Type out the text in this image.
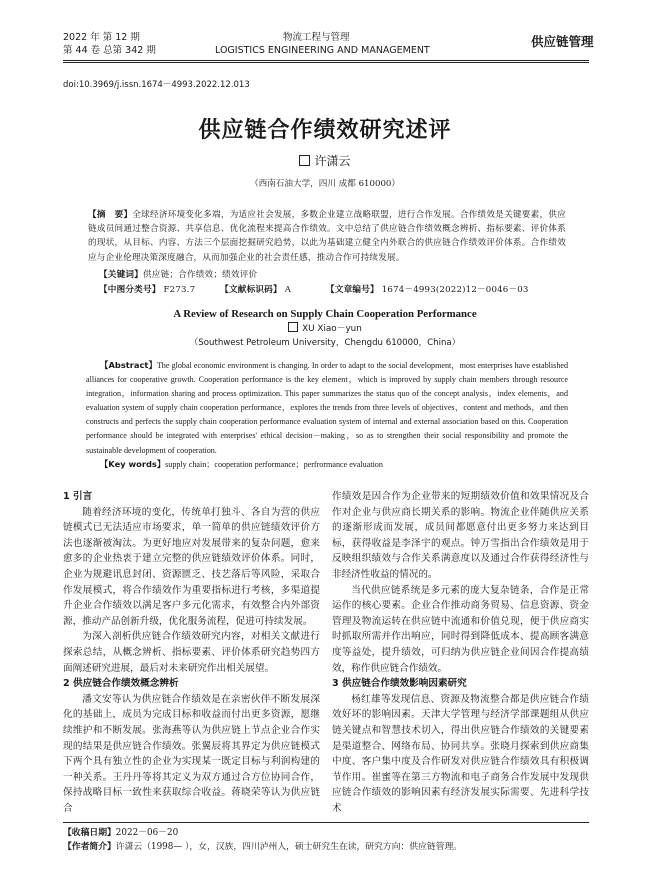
2022 年 第 12 期
第 44 卷 总第 342 期
物流工程与管理
LOGISTICS ENGINEERING AND MANAGEMENT
供应链管理
doi:10.3969/j.issn.1674－4993.2022.12.013
供应链合作绩效研究述评
许潇云
（西南石油大学，四川 成都 610000）
【摘　要】全球经济环境变化多端，为适应社会发展，多数企业建立战略联盟，进行合作发展。合作绩效是关键要素，供应链成员间通过整合资源、共享信息、优化流程来提高合作绩效。文中总结了供应链合作绩效概念辨析、指标要素、评价体系的现状，从目标、内容、方法三个层面挖掘研究趋势，以此为基础建立健全内外联合的供应链合作绩效评价体系。合作绩效应与企业伦理决策深度融合，从而加强企业的社会责任感，推动合作可持续发展。
【关键词】供应链；合作绩效；绩效评价
【中图分类号】 F273.7	【文献标识码】 A	【文章编号】 1674－4993(2022)12－0046－03
A Review of Research on Supply Chain Cooperation Performance
XU Xiao－yun
（Southwest Petroleum University，Chengdu 610000，China）
【Abstract】The global economic environment is changing. In order to adapt to the social development，most enterprises have established alliances for cooperative growth. Cooperation performance is the key element，which is improved by supply chain members through resource integration，information sharing and process optimization. This paper summarizes the status quo of the concept analysis，index elements，and evaluation system of supply chain cooperation performance，explores the trends from three levels of objectives，content and methods，and then constructs and perfects the supply chain cooperation performance evaluation system of internal and external association based on this. Cooperation performance should be integrated with enterprises' ethical decision－making，so as to strengthen their social responsibility and promote the sustainable development of cooperation.
【Key words】supply chain；cooperation performance；perfrormance evaluation
1 引言

随着经济环境的变化，传统单打独斗、各自为营的供应链模式已无法适应市场要求，单一简单的供应链绩效评价方法也逐渐被淘汰。为更好地应对发展带来的复杂问题，愈来愈多的企业热衷于建立完整的供应链绩效评价体系。同时，企业为规避讯息封闭、资源匮乏、技艺落后等风险，采取合作发展模式，将合作绩效作为重要指标进行考核，多渠道提升企业合作绩效以满足客户多元化需求，有效整合内外部资源，推动产品创新升级，优化服务流程，促进可持续发展。

为深入剖析供应链合作绩效研究内容，对相关文献进行探索总结，从概念辨析、指标要素、评价体系研究趋势四方面阐述研究进展，最后对未来研究作出相关展望。

2 供应链合作绩效概念辨析

潘文安等认为供应链合作绩效是在亲密伙伴不断发展深化的基础上，成员为完成目标和收益而付出更多资源，愿继续维护和不断发展。张海燕等认为供应链上节点企业合作实现的结果是供应链合作绩效。张翼辰将其界定为供应链模式下两个具有独立性的企业为实现某一既定目标与利润构建的一种关系。王丹丹等将其定义为双方通过合方位协同合作，保持战略目标一致性来获取综合收益。蒋晓荣等认为供应链合

作绩效是因合作为企业带来的短期绩效价值和效果情况及合作对企业与供应商长期关系的影响。物流企业伴随供应关系的逐渐形成而发展，成员间都愿意付出更多努力来达到目标，获得收益是李泽宇的观点。钟万雪指出合作绩效是用于反映组织绩效与合作关系满意度以及通过合作获得经济性与非经济性收益的情况的。

当代供应链系统是多元素的庞大复杂链条，合作是正常运作的核心要素。企业合作推动商务贸易、信息资源、资金管理及物流运转在供应链中流通和价值兑现，便于供应商实时抓取所需并作出响应，同时得到降低成本、提高顾客满意度等益处，提升绩效，可归纳为供应链企业间因合作提高绩效，称作供应链合作绩效。

3 供应链合作绩效影响因素研究

杨红雄等发现信息、资源及物流整合都是供应链合作绩效好坏的影响因素。天津大学管理与经济学部课题组从供应链关键点和智慧技术切入，得出供应链合作绩效的关键要素是渠道整合、网络布局、协同共享。张晓月探索到供应商集中度、客户集中度及合作研发对供应链合作绩效具有积极调节作用。崔蜜等在第三方物流和电子商务合作发展中发现供应链合作绩效的影响因素有经济发展实际需要、先进科学技术

【收稿日期】2022－06－20
【作者简介】许潇云（1998— ），女，汉族，四川泸州人，硕士研究生在读，研究方向：供应链管理。
